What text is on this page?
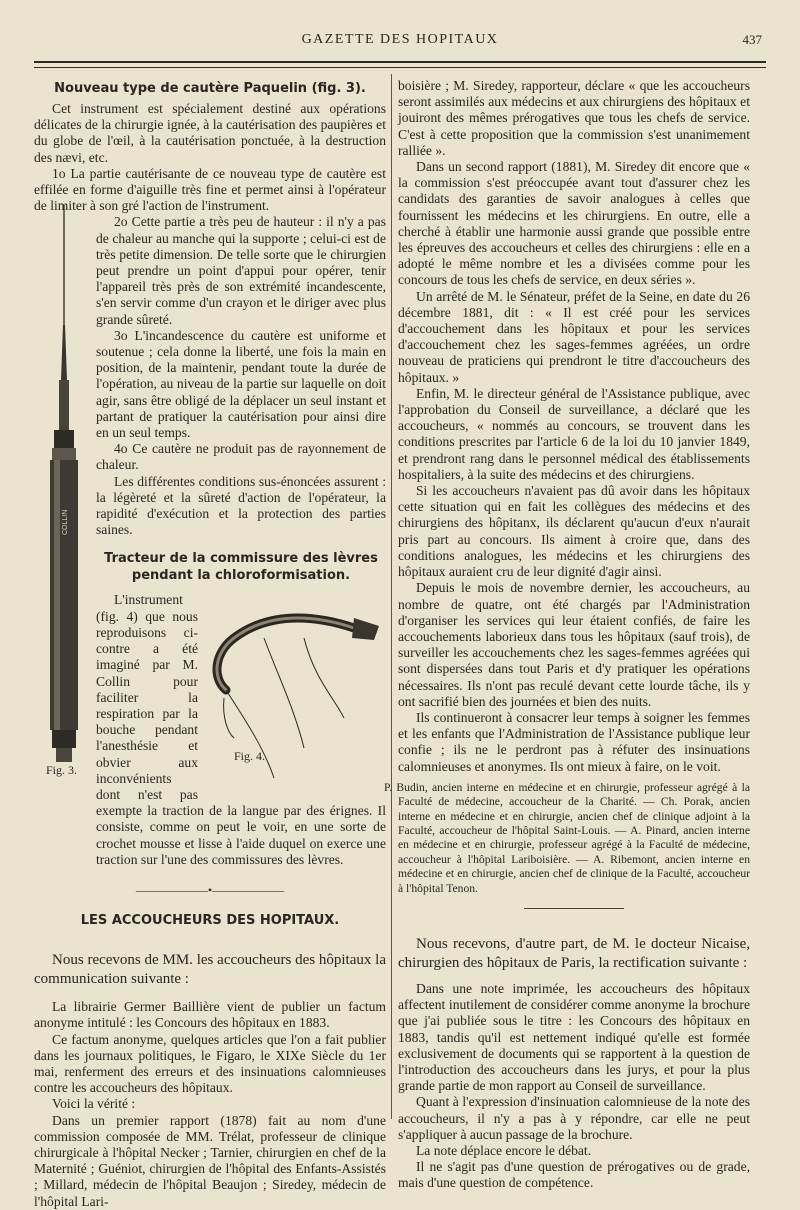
GAZETTE DES HOPITAUX	437
COLLIN
Fig. 3.
Nouveau type de cautère Paquelin (fig. 3).

Cet instrument est spécialement destiné aux opérations délicates de la chirurgie ignée, à la cautérisation des paupières et du globe de l'œil, à la cautérisation ponctuée, à la destruction des nævi, etc.

1o La partie cautérisante de ce nouveau type de cautère est effilée en forme d'aiguille très fine et permet ainsi à l'opérateur de limiter à son gré l'action de l'instrument.

2o Cette partie a très peu de hauteur : il n'y a pas de chaleur au manche qui la supporte ; celui-ci est de très petite dimension. De telle sorte que le chirurgien peut prendre un point d'appui pour opérer, tenir l'appareil très près de son extrémité incandescente, s'en servir comme d'un crayon et le diriger avec plus grande sûreté.

3o L'incandescence du cautère est uniforme et soutenue ; cela donne la liberté, une fois la main en position, de la maintenir, pendant toute la durée de l'opération, au niveau de la partie sur laquelle on doit agir, sans être obligé de la déplacer un seul instant et partant de pratiquer la cautérisation pour ainsi dire en un seul temps.

4o Ce cautère ne produit pas de rayonnement de chaleur.

Les différentes conditions sus-énoncées assurent : la légèreté et la sûreté d'action de l'opérateur, la rapidité d'exécution et la protection des parties saines.

Tracteur de la commissure des lèvres pendant la chloroformisation.
Fig. 4.

L'instrument (fig. 4) que nous reproduisons ci-contre a été imaginé par M. Collin pour faciliter la respiration par la bouche pendant l'anesthésie et obvier aux inconvénients dont n'est pas exempte la traction de la langue par des érignes. Il consiste, comme on peut le voir, en une sorte de crochet mousse et lisse à l'aide duquel on exerce une traction sur l'une des commissures des lèvres.

——————•——————
LES ACCOUCHEURS DES HOPITAUX.

Nous recevons de MM. les accoucheurs des hôpitaux la communication suivante :

La librairie Germer Baillière vient de publier un factum anonyme intitulé : les Concours des hôpitaux en 1883.

Ce factum anonyme, quelques articles que l'on a fait publier dans les journaux politiques, le Figaro, le XIXe Siècle du 1er mai, renferment des erreurs et des insinuations calomnieuses contre les accoucheurs des hôpitaux.

Voici la vérité :

Dans un premier rapport (1878) fait au nom d'une commission composée de MM. Trélat, professeur de clinique chirurgicale à l'hôpital Necker ; Tarnier, chirurgien en chef de la Maternité ; Guéniot, chirurgien de l'hôpital des Enfants-Assistés ; Millard, médecin de l'hôpital Beaujon ; Siredey, médecin de l'hôpital Lari-

boisière ; M. Siredey, rapporteur, déclare « que les accoucheurs seront assimilés aux médecins et aux chirurgiens des hôpitaux et jouiront des mêmes prérogatives que tous les chefs de service. C'est à cette proposition que la commission s'est unanimement ralliée ».

Dans un second rapport (1881), M. Siredey dit encore que « la commission s'est préoccupée avant tout d'assurer chez les candidats des garanties de savoir analogues à celles que fournissent les médecins et les chirurgiens. En outre, elle a cherché à établir une harmonie aussi grande que possible entre les épreuves des accoucheurs et celles des chirurgiens : elle en a adopté le même nombre et les a divisées comme pour les concours de tous les chefs de service, en deux séries ».

Un arrêté de M. le Sénateur, préfet de la Seine, en date du 26 décembre 1881, dit : « Il est créé pour les services d'accouchement dans les hôpitaux et pour les services d'accouchement chez les sages-femmes agréées, un ordre nouveau de praticiens qui prendront le titre d'accoucheurs des hôpitaux. »

Enfin, M. le directeur général de l'Assistance publique, avec l'approbation du Conseil de surveillance, a déclaré que les accoucheurs, « nommés au concours, se trouvent dans les conditions prescrites par l'article 6 de la loi du 10 janvier 1849, et prendront rang dans le personnel médical des établissements hospitaliers, à la suite des médecins et des chirurgiens.

Si les accoucheurs n'avaient pas dû avoir dans les hôpitaux cette situation qui en fait les collègues des médecins et des chirurgiens des hôpitanx, ils déclarent qu'aucun d'eux n'aurait pris part au concours. Ils aiment à croire que, dans des conditions analogues, les médecins et les chirurgiens des hôpitaux auraient cru de leur dignité d'agir ainsi.

Depuis le mois de novembre dernier, les accoucheurs, au nombre de quatre, ont été chargés par l'Administration d'organiser les services qui leur étaient confiés, de faire les accouchements laborieux dans tous les hôpitaux (sauf trois), de surveiller les accouchements chez les sages-femmes agréées qui sont dispersées dans tout Paris et d'y pratiquer les opérations nécessaires. Ils n'ont pas reculé devant cette lourde tâche, ils y ont sacrifié bien des journées et bien des nuits.

Ils continueront à consacrer leur temps à soigner les femmes et les enfants que l'Administration de l'Assistance publique leur confie ; ils ne le perdront pas à réfuter des insinuations calomnieuses et anonymes. Ils ont mieux à faire, on le voit.

P. Budin, ancien interne en médecine et en chirurgie, professeur agrégé à la Faculté de médecine, accoucheur de la Charité. — Ch. Porak, ancien interne en médecine et en chirurgie, ancien chef de clinique adjoint à la Faculté, accoucheur de l'hôpital Saint-Louis. — A. Pinard, ancien interne en médecine et en chirurgie, professeur agrégé à la Faculté de médecine, accoucheur à l'hôpital Lariboisière. — A. Ribemont, ancien interne en médecine et en chirurgie, ancien chef de clinique de la Faculté, accoucheur à l'hôpital Tenon.

Nous recevons, d'autre part, de M. le docteur Nicaise, chirurgien des hôpitaux de Paris, la rectification suivante :

Dans une note imprimée, les accoucheurs des hôpitaux affectent inutilement de considérer comme anonyme la brochure que j'ai publiée sous le titre : les Concours des hôpitaux en 1883, tandis qu'il est nettement indiqué qu'elle est formée exclusivement de documents qui se rapportent à la question de l'introduction des accoucheurs dans les jurys, et pour la plus grande partie de mon rapport au Conseil de surveillance.

Quant à l'expression d'insinuation calomnieuse de la note des accoucheurs, il n'y a pas à y répondre, car elle ne peut s'appliquer à aucun passage de la brochure.

La note déplace encore le débat.

Il ne s'agit pas d'une question de prérogatives ou de grade, mais d'une question de compétence.
